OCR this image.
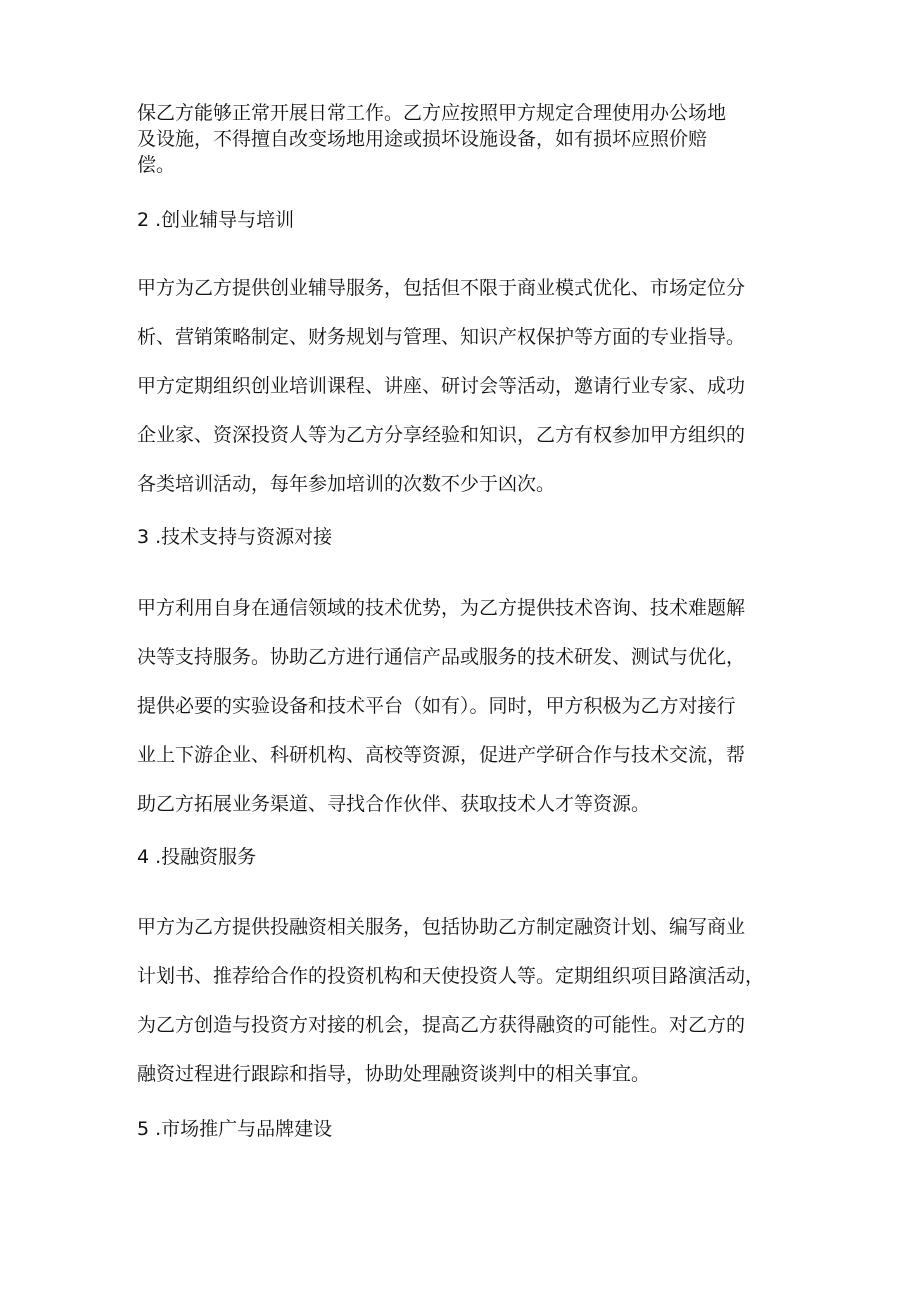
保乙方能够正常开展日常工作。乙方应按照甲方规定合理使用办公场地
及设施，不得擅自改变场地用途或损坏设施设备，如有损坏应照价赔
偿。

2 .创业辅导与培训

甲方为乙方提供创业辅导服务，包括但不限于商业模式优化、市场定位分
析、营销策略制定、财务规划与管理、知识产权保护等方面的专业指导。
甲方定期组织创业培训课程、讲座、研讨会等活动，邀请行业专家、成功
企业家、资深投资人等为乙方分享经验和知识，乙方有权参加甲方组织的
各类培训活动，每年参加培训的次数不少于凶次。

3 .技术支持与资源对接

甲方利用自身在通信领域的技术优势，为乙方提供技术咨询、技术难题解
决等支持服务。协助乙方进行通信产品或服务的技术研发、测试与优化，
提供必要的实验设备和技术平台（如有）。同时，甲方积极为乙方对接行
业上下游企业、科研机构、高校等资源，促进产学研合作与技术交流，帮
助乙方拓展业务渠道、寻找合作伙伴、获取技术人才等资源。

4 .投融资服务

甲方为乙方提供投融资相关服务，包括协助乙方制定融资计划、编写商业
计划书、推荐给合作的投资机构和天使投资人等。定期组织项目路演活动，
为乙方创造与投资方对接的机会，提高乙方获得融资的可能性。对乙方的
融资过程进行跟踪和指导，协助处理融资谈判中的相关事宜。

5 .市场推广与品牌建设
